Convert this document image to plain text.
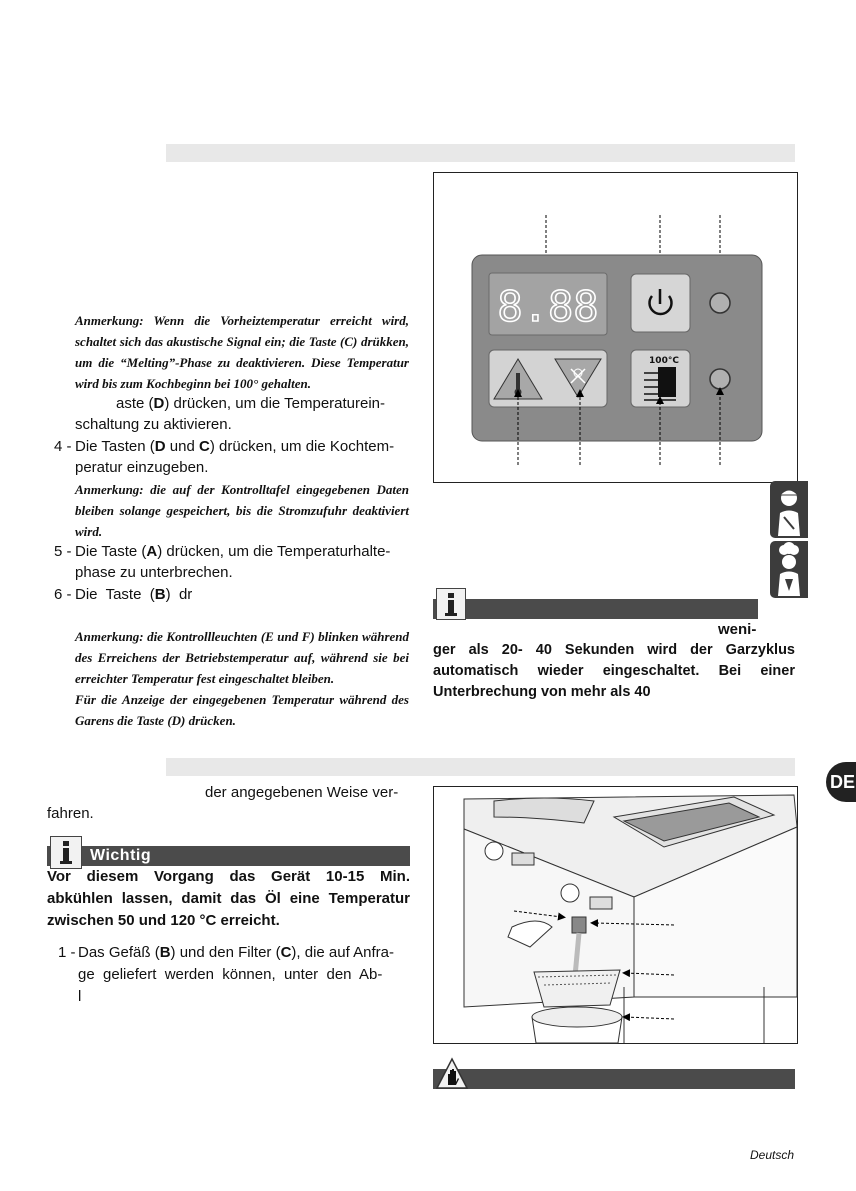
Anmerkung: Wenn die Vorheiztemperatur erreicht wird, schaltet sich das akustische Signal ein; die Taste (C) drükken, um die “Melting”-Phase zu deaktivieren. Diese Temperatur wird bis zum Kochbeginn bei 100° gehalten.
aste (D) drücken, um die Temperaturein-
schaltung zu aktivieren.
4 - Die Tasten (D und C) drücken, um die Kochtem-
peratur einzugeben.
Anmerkung: die auf der Kontrolltafel eingegebenen Daten bleiben solange gespeichert, bis die Stromzufuhr deaktiviert wird.
5 - Die Taste (A) drücken, um die Temperaturhalte-
phase zu unterbrechen.
6 - Die  Taste  (B)  dr
Anmerkung: die Kontrollleuchten (E und F) blinken während des Erreichens der Betriebstemperatur auf, während sie bei erreichter Temperatur fest eingeschaltet bleiben.
Für die Anzeige der eingegebenen Temperatur während des Garens die Taste (D) drücken.
8.88
100°C
weni-
ger als 20- 40 Sekunden wird der Garzyklus automatisch wieder eingeschaltet. Bei einer Unterbrechung von mehr als 40
DE
der angegebenen Weise ver-
fahren.
Wichtig
Vor diesem Vorgang das Gerät 10-15 Min. abkühlen lassen, damit das Öl eine Temperatur zwischen 50 und 120 °C erreicht.
1 - Das Gefäß (B) und den Filter (C), die auf Anfra-
ge  geliefert  werden  können,  unter  den  Ab-
l
Deutsch
